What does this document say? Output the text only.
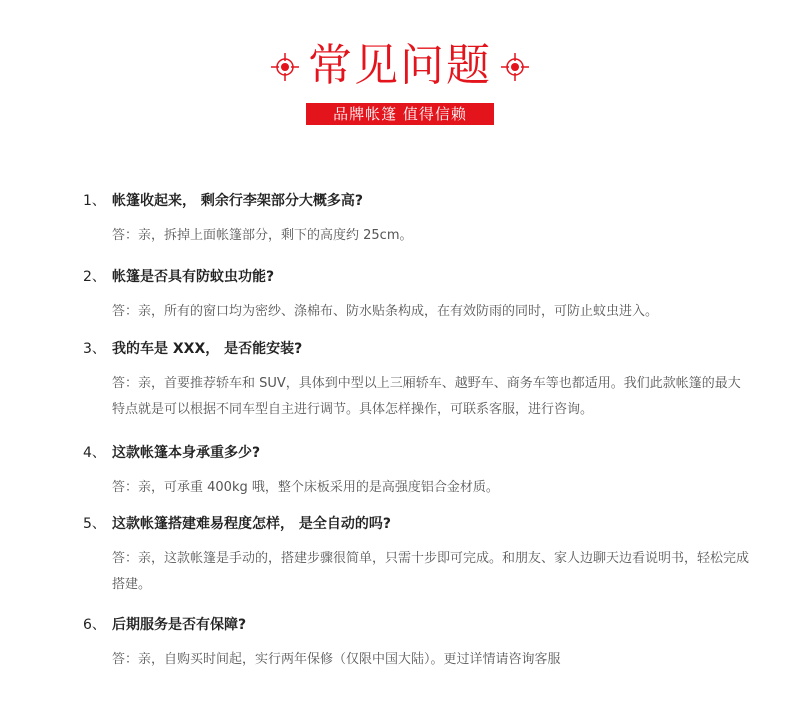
常见问题
品牌帐篷 值得信赖
1、 帐篷收起来， 剩余行李架部分大概多高?
答：亲，拆掉上面帐篷部分，剩下的高度约 25cm。
2、 帐篷是否具有防蚊虫功能?
答：亲，所有的窗口均为密纱、涤棉布、防水贴条构成，在有效防雨的同时，可防止蚊虫进入。
3、 我的车是 XXX， 是否能安装?
答：亲，首要推荐轿车和 SUV，具体到中型以上三厢轿车、越野车、商务车等也都适用。我们此款帐篷的最大特点就是可以根据不同车型自主进行调节。具体怎样操作，可联系客服，进行咨询。
4、 这款帐篷本身承重多少?
答：亲，可承重 400kg 哦，整个床板采用的是高强度铝合金材质。
5、 这款帐篷搭建难易程度怎样， 是全自动的吗?
答：亲，这款帐篷是手动的，搭建步骤很简单，只需十步即可完成。和朋友、家人边聊天边看说明书，轻松完成搭建。
6、 后期服务是否有保障?
答：亲，自购买时间起，实行两年保修（仅限中国大陆）。更过详情请咨询客服
